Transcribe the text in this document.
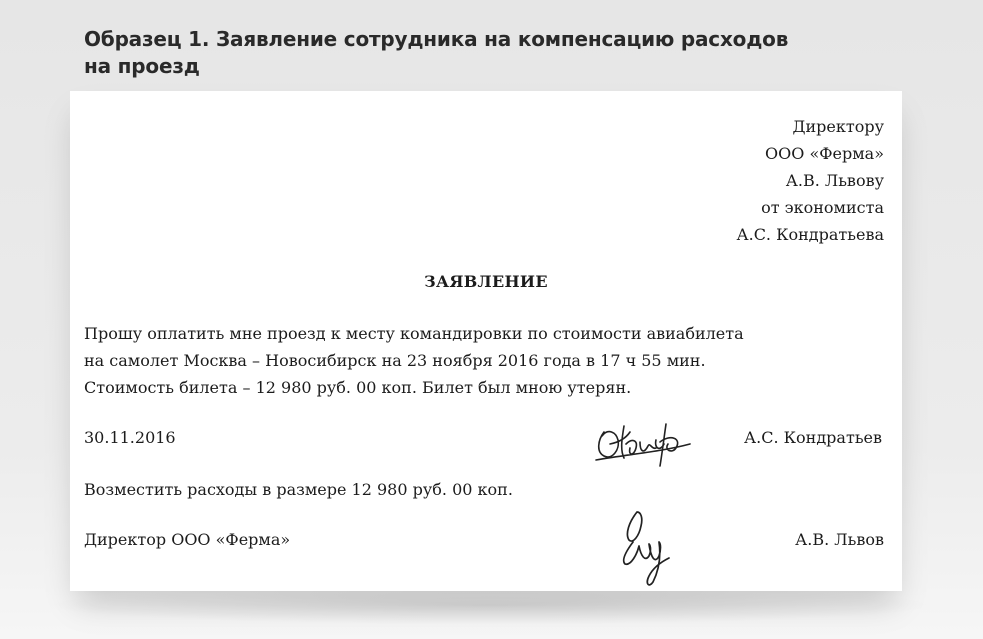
Образец 1. Заявление сотрудника на компенсацию расходов
на проезд
Директору
ООО «Ферма»
А.В. Львову
от экономиста
А.С. Кондратьева
ЗАЯВЛЕНИЕ
Прошу оплатить мне проезд к месту командировки по стоимости авиабилета
на самолет Москва – Новосибирск на 23 ноября 2016 года в 17 ч 55 мин.
Стоимость билета – 12 980 руб. 00 коп. Билет был мною утерян.
30.11.2016	А.С. Кондратьев
Возместить расходы в размере 12 980 руб. 00 коп.
Директор ООО «Ферма»	А.В. Львов
